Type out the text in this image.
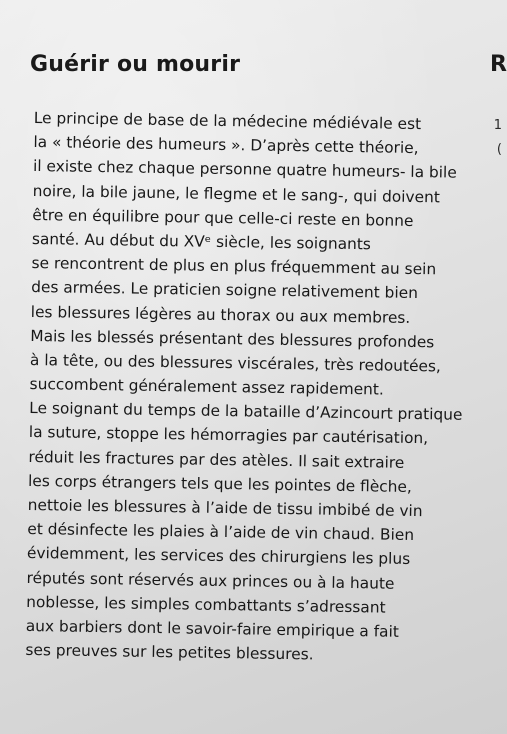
Guérir ou mourir
Le principe de base de la médecine médiévale est
la « théorie des humeurs ». D’après cette théorie,
il existe chez chaque personne quatre humeurs- la bile
noire, la bile jaune, le flegme et le sang-, qui doivent
être en équilibre pour que celle-ci reste en bonne
santé. Au début du XVᵉ siècle, les soignants
se rencontrent de plus en plus fréquemment au sein
des armées. Le praticien soigne relativement bien
les blessures légères au thorax ou aux membres.
Mais les blessés présentant des blessures profondes
à la tête, ou des blessures viscérales, très redoutées,
succombent généralement assez rapidement.
Le soignant du temps de la bataille d’Azincourt pratique
la suture, stoppe les hémorragies par cautérisation,
réduit les fractures par des atèles. Il sait extraire
les corps étrangers tels que les pointes de flèche,
nettoie les blessures à l’aide de tissu imbibé de vin
et désinfecte les plaies à l’aide de vin chaud. Bien
évidemment, les services des chirurgiens les plus
réputés sont réservés aux princes ou à la haute
noblesse, les simples combattants s’adressant
aux barbiers dont le savoir-faire empirique a fait
ses preuves sur les petites blessures.
R
1
(
